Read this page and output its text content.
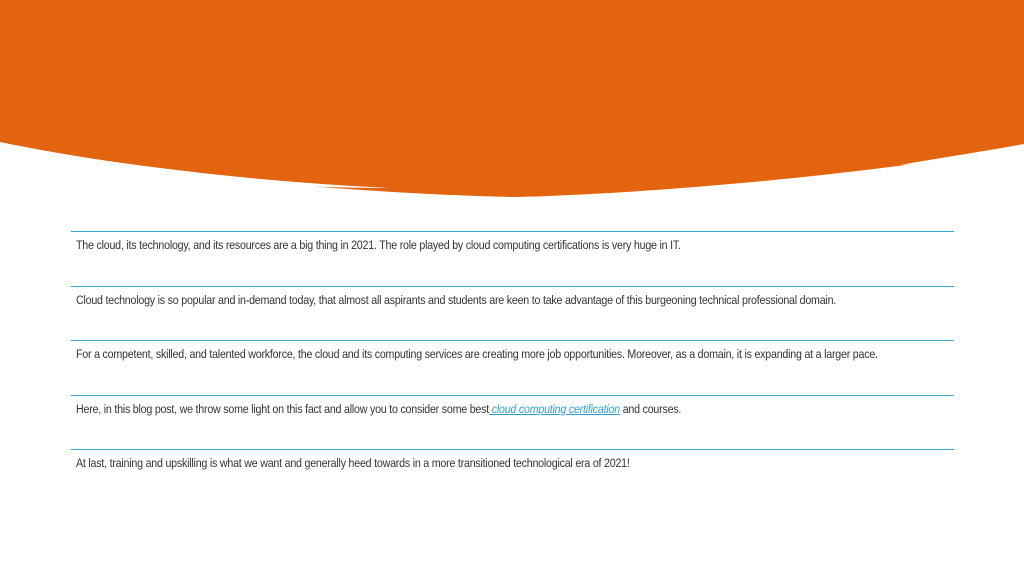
The cloud, its technology, and its resources are a big thing in 2021. The role played by cloud computing certifications is very huge in IT.
Cloud technology is so popular and in-demand today, that almost all aspirants and students are keen to take advantage of this burgeoning technical professional domain.
For a competent, skilled, and talented workforce, the cloud and its computing services are creating more job opportunities. Moreover, as a domain, it is expanding at a larger pace.
Here, in this blog post, we throw some light on this fact and allow you to consider some best cloud computing certification and courses.
At last, training and upskilling is what we want and generally heed towards in a more transitioned technological era of 2021!
